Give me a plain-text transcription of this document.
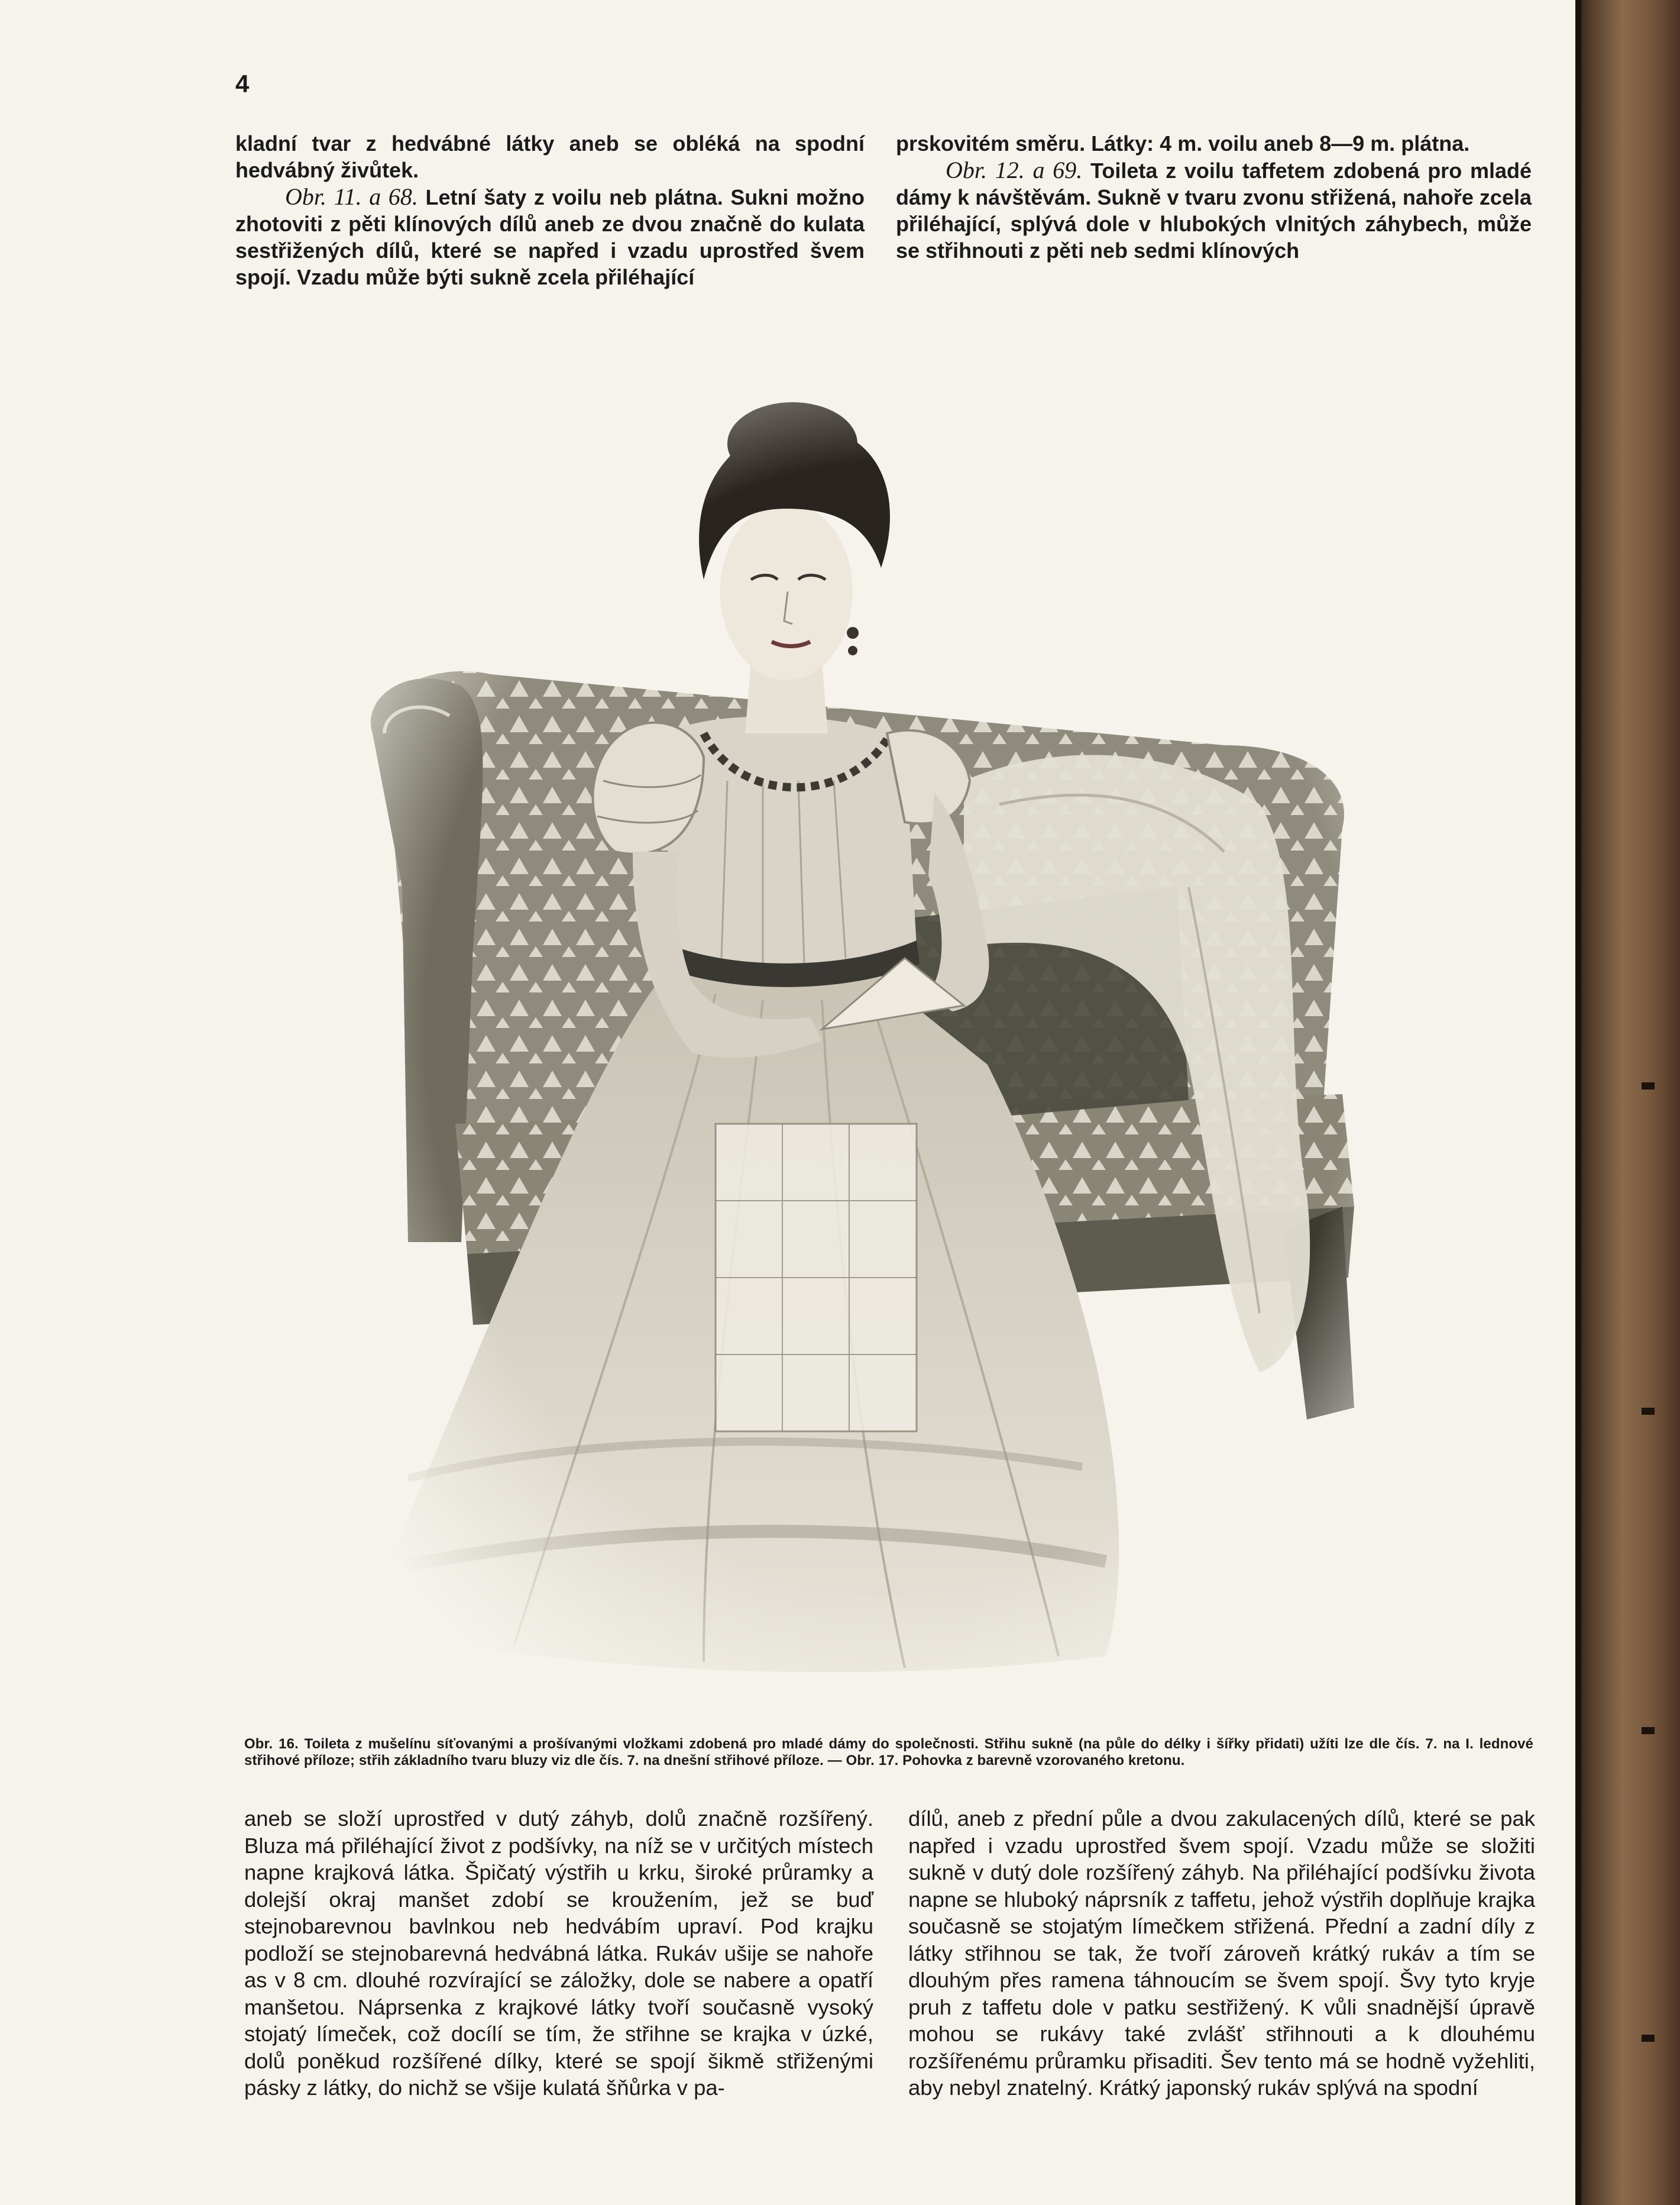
4

kladní tvar z hedvábné látky aneb se obléká na spodní hedvábný živůtek.

Obr. 11. a 68. Letní šaty z voilu neb plátna. Sukni možno zhotoviti z pěti klínových dílů aneb ze dvou značně do kulata sestřižených dílů, které se napřed i vzadu uprostřed švem spojí. Vzadu může býti sukně zcela přiléhající

prskovitém směru. Látky: 4 m. voilu aneb 8—9 m. plátna.

Obr. 12. a 69. Toileta z voilu taffetem zdobená pro mladé dámy k návštěvám. Sukně v tvaru zvonu střižená, nahoře zcela přiléhající, splývá dole v hlubokých vlnitých záhybech, může se střihnouti z pěti neb sedmi klínových

Obr. 16. Toileta z mušelínu síťovanými a prošívanými vložkami zdobená pro mladé dámy do společnosti. Střihu sukně (na půle do délky i šířky přidati) užíti lze dle čís. 7. na I. lednové střihové příloze; střih základního tvaru bluzy viz dle čís. 7. na dnešní střihové příloze. — Obr. 17. Pohovka z barevně vzorovaného kretonu.

aneb se složí uprostřed v dutý záhyb, dolů značně rozšířený. Bluza má přiléhající život z podšívky, na níž se v určitých místech napne krajková látka. Špičatý výstřih u krku, široké průramky a dolejší okraj manšet zdobí se kroužením, jež se buď stejnobarevnou bavlnkou neb hedvábím upraví. Pod krajku podloží se stejnobarevná hedvábná látka. Rukáv ušije se nahoře as v 8 cm. dlouhé rozvírající se záložky, dole se nabere a opatří manšetou. Náprsenka z krajkové látky tvoří současně vysoký stojatý límeček, což docílí se tím, že střihne se krajka v úzké, dolů poněkud rozšířené dílky, které se spojí šikmě střiženými pásky z látky, do nichž se všije kulatá šňůrka v pa-

dílů, aneb z přední půle a dvou zakulacených dílů, které se pak napřed i vzadu uprostřed švem spojí. Vzadu může se složiti sukně v dutý dole rozšířený záhyb. Na přiléhající podšívku života napne se hluboký náprsník z taffetu, jehož výstřih doplňuje krajka současně se stojatým límečkem střižená. Přední a zadní díly z látky střihnou se tak, že tvoří zároveň krátký rukáv a tím se dlouhým přes ramena táhnoucím se švem spojí. Švy tyto kryje pruh z taffetu dole v patku sestřižený. K vůli snadnější úpravě mohou se rukávy také zvlášť střihnouti a k dlouhému rozšířenému průramku přisaditi. Šev tento má se hodně vyžehliti, aby nebyl znatelný. Krátký japonský rukáv splývá na spodní
